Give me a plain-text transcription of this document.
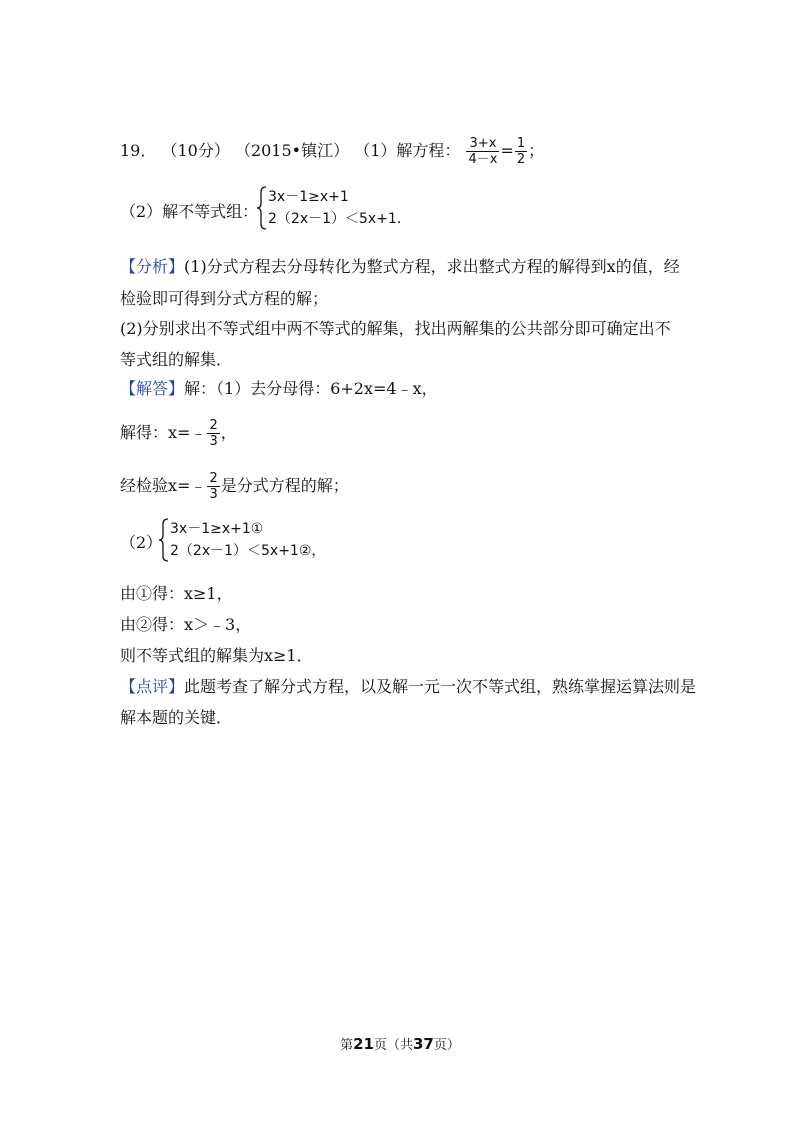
19． （10分） （2015•镇江） （1）解方程： $\frac{3+x}{4-x} = \frac{1}{2}$ ；
（2）解不等式组：
3x－1≥x+1
2（2x－1）＜5x+1．
【分析】(1)分式方程去分母转化为整式方程，求出整式方程的解得到x的值，经
检验即可得到分式方程的解；
(2)分别求出不等式组中两不等式的解集，找出两解集的公共部分即可确定出不
等式组的解集．
【解答】解：（1）去分母得：6+2x=4﹣x，
解得：x=﹣ $\frac{2}{3}$ ，
经检验x=﹣ $\frac{2}{3}$ 是分式方程的解；
（2）
3x－1≥x+1①
2（2x－1）＜5x+1②，
由①得：x≥1，
由②得：x＞﹣3，
则不等式组的解集为x≥1．
【点评】此题考查了解分式方程，以及解一元一次不等式组，熟练掌握运算法则是
解本题的关键．
第21页（共37页）
